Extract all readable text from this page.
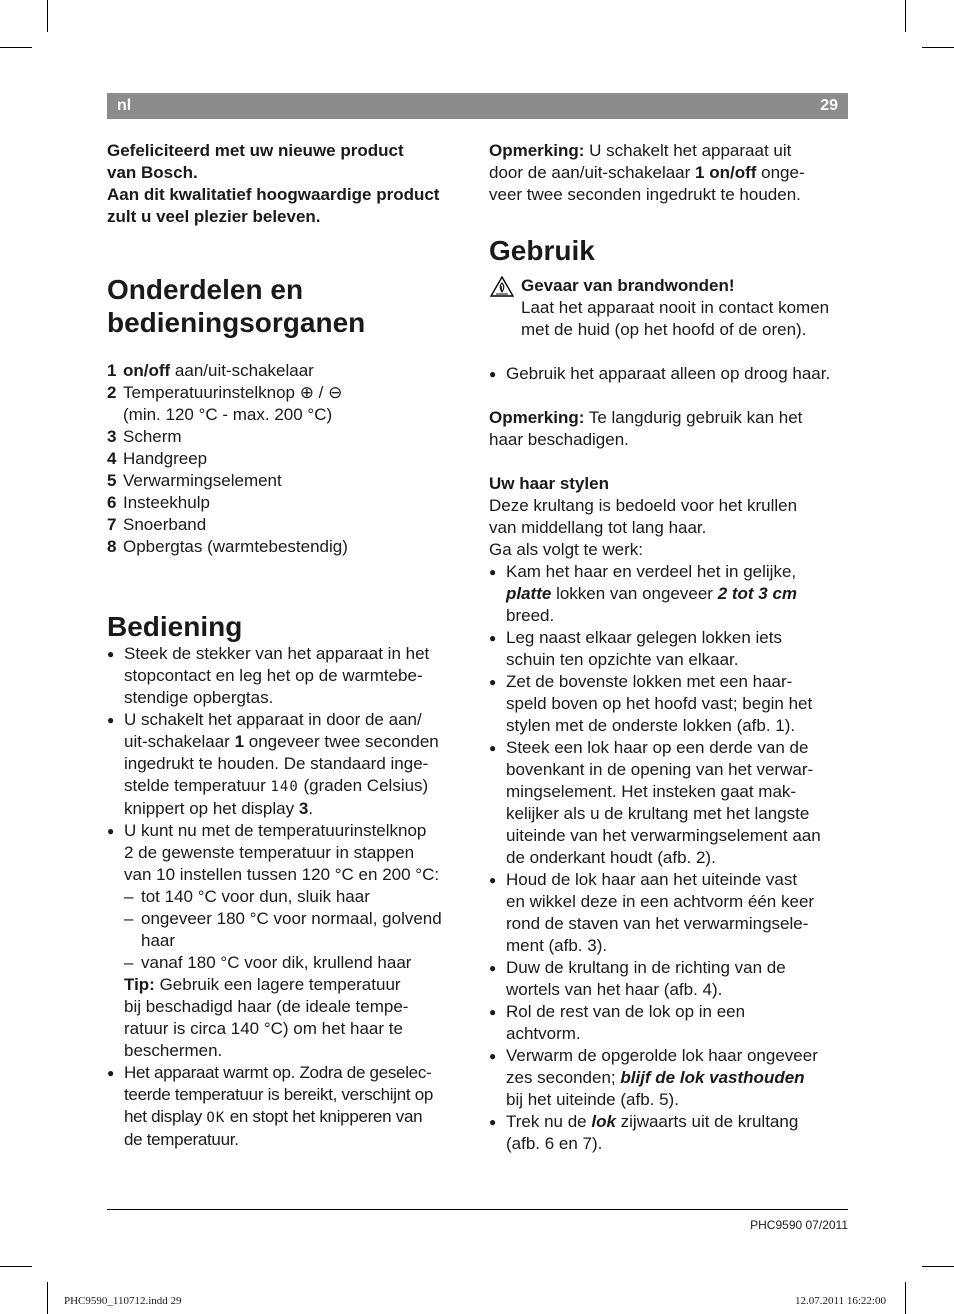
nl	29

Gefeliciteerd met uw nieuwe product

van Bosch.

Aan dit kwalitatief hoogwaardige product

zult u veel plezier beleven.

Onderdelen en
bedieningsorganen
1 on/off aan/uit-schakelaar
2 Temperatuurinstelknop ⊕ / ⊖
(min. 120 °C - max. 200 °C)
3 Scherm
4 Handgreep
5 Verwarmingselement
6 Insteekhulp
7 Snoerband
8 Opbergtas (warmtebestendig)
Bediening
● Steek de stekker van het apparaat in het
stopcontact en leg het op de warmtebe-
stendige opbergtas.
● U schakelt het apparaat in door de aan/
uit-schakelaar 1 ongeveer twee seconden
ingedrukt te houden. De standaard inge-
stelde temperatuur 140 (graden Celsius)
knippert op het display 3.
● U kunt nu met de temperatuurinstelknop
2 de gewenste temperatuur in stappen
van 10 instellen tussen 120 °C en 200 °C:
– tot 140 °C voor dun, sluik haar
– ongeveer 180 °C voor normaal, golvend
haar
– vanaf 180 °C voor dik, krullend haar
Tip: Gebruik een lagere temperatuur
bij beschadigd haar (de ideale tempe-
ratuur is circa 140 °C) om het haar te
beschermen.
● Het apparaat warmt op. Zodra de geselec-
teerde temperatuur is bereikt, verschijnt op
het display OK en stopt het knipperen van
de temperatuur.

Opmerking: U schakelt het apparaat uit
door de aan/uit-schakelaar 1 on/off onge-
veer twee seconden ingedrukt te houden.

Gebruik
Gevaar van brandwonden!
Laat het apparaat nooit in contact komen
met de huid (op het hoofd of de oren).
● Gebruik het apparaat alleen op droog haar.

Opmerking: Te langdurig gebruik kan het
haar beschadigen.

Uw haar stylen

Deze krultang is bedoeld voor het krullen
van middellang tot lang haar.
Ga als volgt te werk:

● Kam het haar en verdeel het in gelijke,
platte lokken van ongeveer 2 tot 3 cm
breed.
● Leg naast elkaar gelegen lokken iets
schuin ten opzichte van elkaar.
● Zet de bovenste lokken met een haar-
speld boven op het hoofd vast; begin het
stylen met de onderste lokken (afb. 1).
● Steek een lok haar op een derde van de
bovenkant in de opening van het verwar-
mingselement. Het insteken gaat mak-
kelijker als u de krultang met het langste
uiteinde van het verwarmingselement aan
de onderkant houdt (afb. 2).
● Houd de lok haar aan het uiteinde vast
en wikkel deze in een achtvorm één keer
rond de staven van het verwarmingsele-
ment (afb. 3).
● Duw de krultang in de richting van de
wortels van het haar (afb. 4).
● Rol de rest van de lok op in een
achtvorm.
● Verwarm de opgerolde lok haar ongeveer
zes seconden; blijf de lok vasthouden
bij het uiteinde (afb. 5).
● Trek nu de lok zijwaarts uit de krultang
(afb. 6 en 7).
PHC9590 07/2011
PHC9590_110712.indd 29	12.07.2011 16:22:00
